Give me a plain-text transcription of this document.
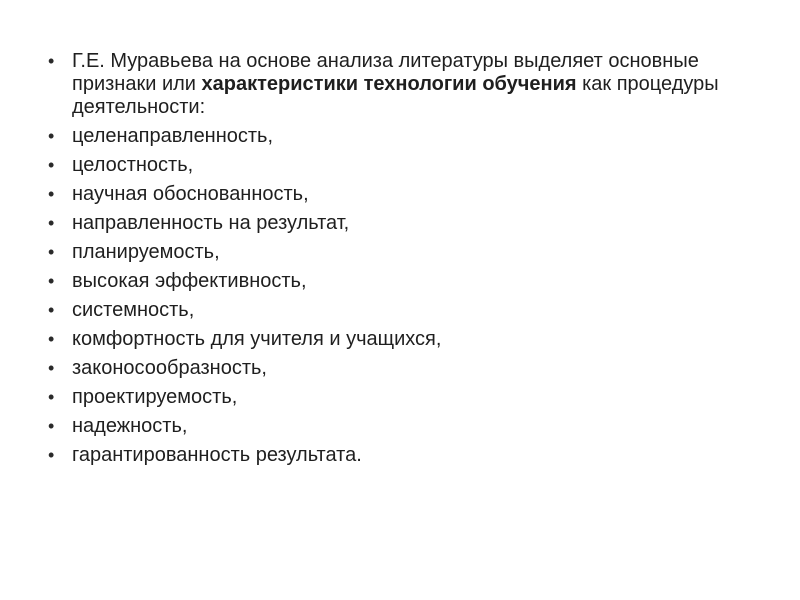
• Г.Е. Муравьева на основе анализа литературы выделяет основные признаки или характеристики технологии обучения как процедуры деятельности:
• целенаправленность,
• целостность,
• научная обоснованность,
• направленность на результат,
• планируемость,
• высокая эффективность,
• системность,
• комфортность для учителя и учащихся,
• законосообразность,
• проектируемость,
• надежность,
• гарантированность результата.
